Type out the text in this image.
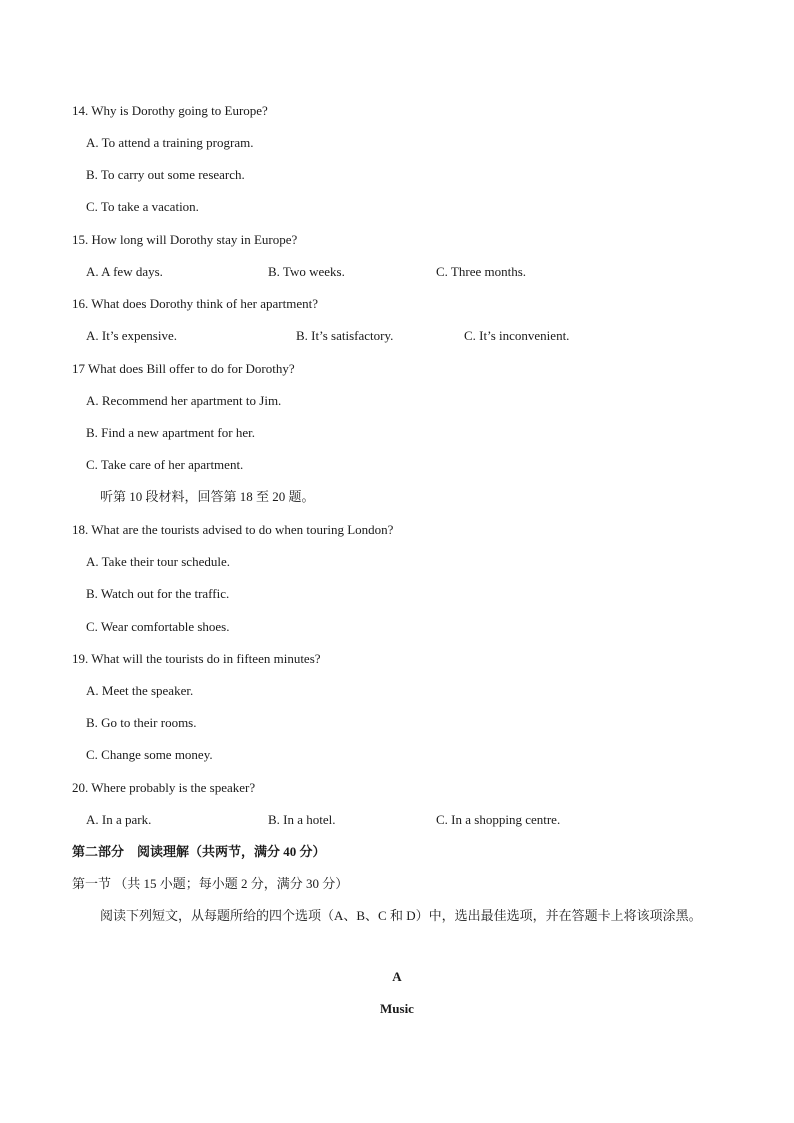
14. Why is Dorothy going to Europe?
A. To attend a training program.
B. To carry out some research.
C. To take a vacation.
15. How long will Dorothy stay in Europe?
A. A few days.	B. Two weeks.	C. Three months.
16. What does Dorothy think of her apartment?
A. It’s expensive.	B. It’s satisfactory.	C. It’s inconvenient.
17 What does Bill offer to do for Dorothy?
A. Recommend her apartment to Jim.
B. Find a new apartment for her.
C. Take care of her apartment.
听第 10 段材料，回答第 18 至 20 题。
18. What are the tourists advised to do when touring London?
A. Take their tour schedule.
B. Watch out for the traffic.
C. Wear comfortable shoes.
19. What will the tourists do in fifteen minutes?
A. Meet the speaker.
B. Go to their rooms.
C. Change some money.
20. Where probably is the speaker?
A. In a park.	B. In a hotel.	C. In a shopping centre.
第二部分　阅读理解（共两节，满分 40 分）
第一节 （共 15 小题；每小题 2 分，满分 30 分）
阅读下列短文，从每题所给的四个选项（A、B、C 和 D）中，选出最佳选项，并在答题卡上将该项涂黑。
A
Music
